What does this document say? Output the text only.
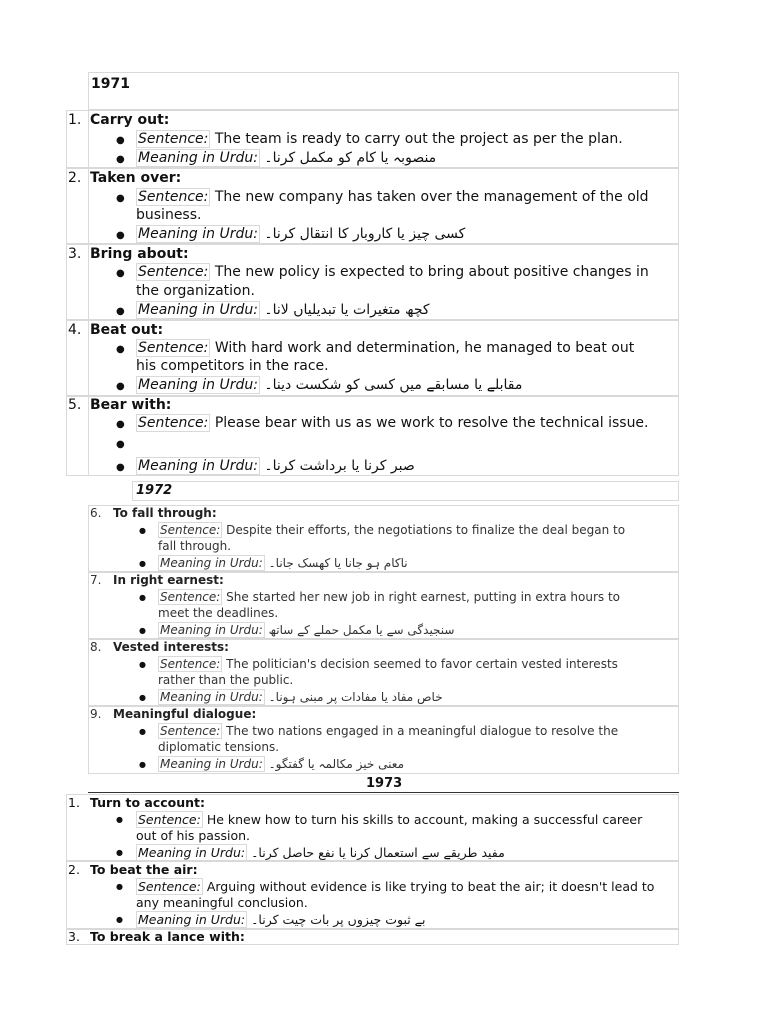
1971
1. Carry out:
● Sentence: The team is ready to carry out the project as per the plan.
● Meaning in Urdu: منصوبہ یا کام کو مکمل کرنا۔
2. Taken over:
● Sentence: The new company has taken over the management of the old
business.
● Meaning in Urdu: کسی چیز یا کاروبار کا انتقال کرنا۔
3. Bring about:
● Sentence: The new policy is expected to bring about positive changes in
the organization.
● Meaning in Urdu: کچھ متغیرات یا تبدیلیاں لانا۔
4. Beat out:
● Sentence: With hard work and determination, he managed to beat out
his competitors in the race.
● Meaning in Urdu: مقابلے یا مسابقے میں کسی کو شکست دینا۔
5. Bear with:
● Sentence: Please bear with us as we work to resolve the technical issue.
●
● Meaning in Urdu: صبر کرنا یا برداشت کرنا۔
1972
6. To fall through:
● Sentence: Despite their efforts, the negotiations to finalize the deal began to
fall through.
● Meaning in Urdu: ناکام ہو جانا یا کھسک جانا۔
7. In right earnest:
● Sentence: She started her new job in right earnest, putting in extra hours to
meet the deadlines.
● Meaning in Urdu: سنجیدگی سے یا مکمل حملے کے ساتھ
8. Vested interests:
● Sentence: The politician's decision seemed to favor certain vested interests
rather than the public.
● Meaning in Urdu: خاص مفاد یا مفادات پر مبنی ہونا۔
9. Meaningful dialogue:
● Sentence: The two nations engaged in a meaningful dialogue to resolve the
diplomatic tensions.
● Meaning in Urdu: معنی خیز مکالمہ یا گفتگو۔
1973
1. Turn to account:
● Sentence: He knew how to turn his skills to account, making a successful career
out of his passion.
● Meaning in Urdu: مفید طریقے سے استعمال کرنا یا نفع حاصل کرنا۔
2. To beat the air:
● Sentence: Arguing without evidence is like trying to beat the air; it doesn't lead to
any meaningful conclusion.
● Meaning in Urdu: بے ثبوت چیزوں پر بات چیت کرنا۔
3. To break a lance with:
